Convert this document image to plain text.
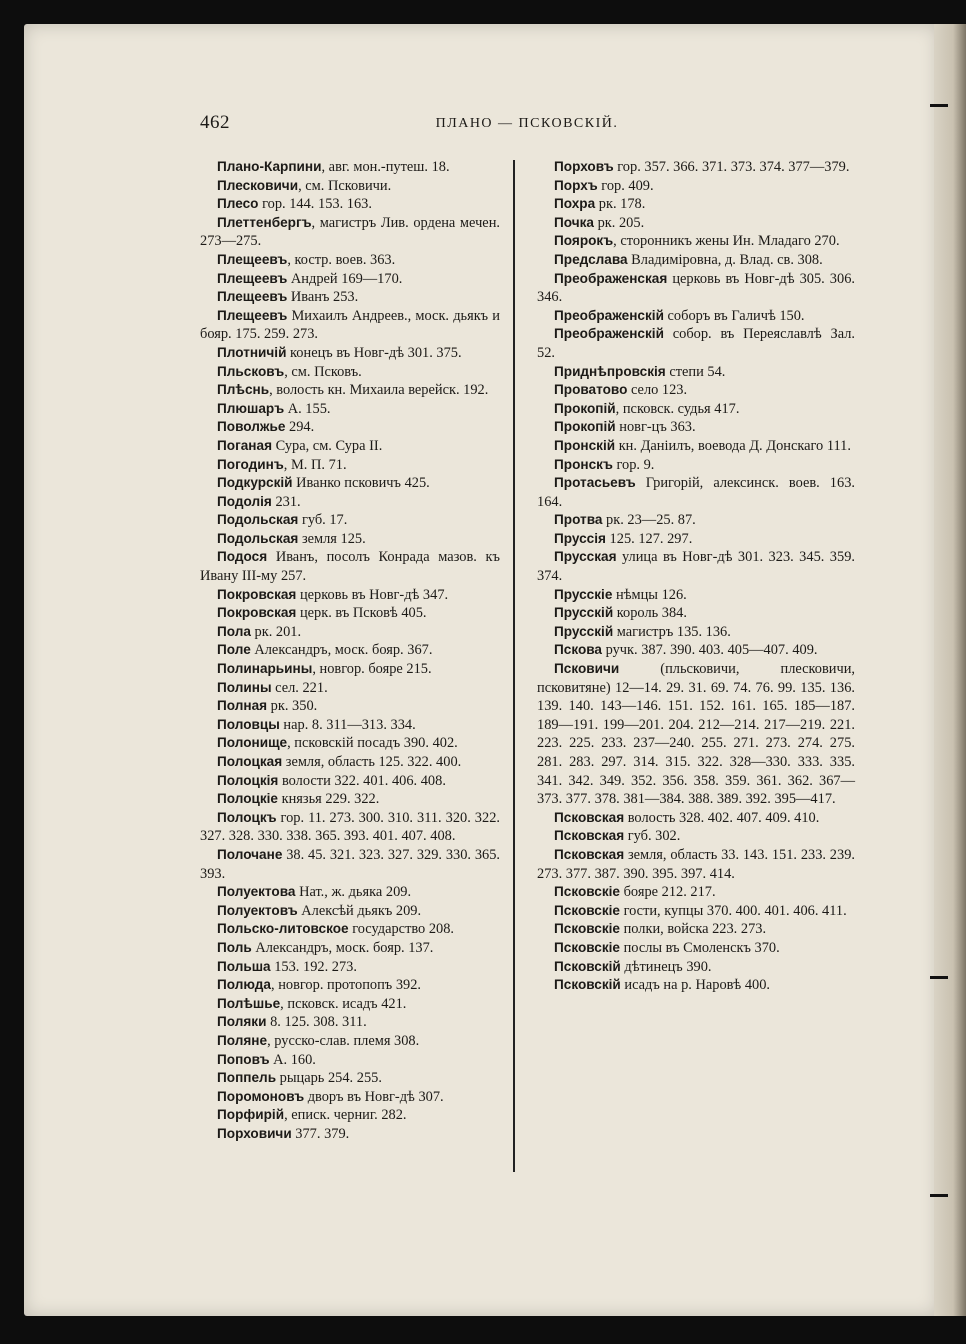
462	ПЛАНО — ПСКОВСКIЙ.
Плано-Карпини, авг. мон.-путеш. 18.
Плесковичи, см. Псковичи.
Плесо гор. 144. 153. 163.
Плеттенбергъ, магистръ Лив. ордена мечен. 273—275.
Плещеевъ, костр. воев. 363.
Плещеевъ Андрей 169—170.
Плещеевъ Иванъ 253.
Плещеевъ Михаилъ Андреев., моск. дьякъ и бояр. 175. 259. 273.
Плотничiй конецъ въ Новг-дѣ 301. 375.
Пльсковъ, см. Псковъ.
Плѣснь, волость кн. Михаила верейск. 192.
Плюшаръ А. 155.
Поволжье 294.
Поганая Сура, см. Сура II.
Погодинъ, М. П. 71.
Подкурскiй Иванко псковичъ 425.
Подолiя 231.
Подольская губ. 17.
Подольская земля 125.
Подося Иванъ, посолъ Конрада мазов. къ Ивану III-му 257.
Покровская церковь въ Новг-дѣ 347.
Покровская церк. въ Псковѣ 405.
Пола рк. 201.
Поле Александръ, моск. бояр. 367.
Полинарьины, новгор. бояре 215.
Полины сел. 221.
Полная рк. 350.
Половцы нар. 8. 311—313. 334.
Полонище, псковскiй посадъ 390. 402.
Полоцкая земля, область 125. 322. 400.
Полоцкiя волости 322. 401. 406. 408.
Полоцкiе князья 229. 322.
Полоцкъ гор. 11. 273. 300. 310. 311. 320. 322. 327. 328. 330. 338. 365. 393. 401. 407. 408.
Полочане 38. 45. 321. 323. 327. 329. 330. 365. 393.
Полуектова Нат., ж. дьяка 209.
Полуектовъ Алексѣй дьякъ 209.
Польско-литовское государство 208.
Поль Александръ, моск. бояр. 137.
Польша 153. 192. 273.
Полюда, новгор. протопопъ 392.
Полѣшье, псковск. исадъ 421.
Поляки 8. 125. 308. 311.
Поляне, русско-слав. племя 308.
Поповъ А. 160.
Поппель рыцарь 254. 255.
Поромоновъ дворъ въ Новг-дѣ 307.
Порфирiй, еписк. черниг. 282.
Порховичи 377. 379.
Порховъ гор. 357. 366. 371. 373. 374. 377—379.
Порхъ гор. 409.
Похра рк. 178.
Почка рк. 205.
Поярокъ, сторонникъ жены Ин. Младаго 270.
Предслава Владимiровна, д. Влад. св. 308.
Преображенская церковь въ Новг-дѣ 305. 306. 346.
Преображенскiй соборъ въ Галичѣ 150.
Преображенскiй собор. въ Переяславлѣ Зал. 52.
Приднѣпровскiя степи 54.
Проватово село 123.
Прокопiй, псковск. судья 417.
Прокопiй новг-цъ 363.
Пронскiй кн. Данiилъ, воевода Д. Донскаго 111.
Пронскъ гор. 9.
Протасьевъ Григорiй, алексинск. воев. 163. 164.
Протва рк. 23—25. 87.
Пруссiя 125. 127. 297.
Прусская улица въ Новг-дѣ 301. 323. 345. 359. 374.
Прусскiе нѣмцы 126.
Прусскiй король 384.
Прусскiй магистръ 135. 136.
Пскова ручк. 387. 390. 403. 405—407. 409.
Псковичи (пльсковичи, плесковичи, псковитяне) 12—14. 29. 31. 69. 74. 76. 99. 135. 136. 139. 140. 143—146. 151. 152. 161. 165. 185—187. 189—191. 199—201. 204. 212—214. 217—219. 221. 223. 225. 233. 237—240. 255. 271. 273. 274. 275. 281. 283. 297. 314. 315. 322. 328—330. 333. 335. 341. 342. 349. 352. 356. 358. 359. 361. 362. 367—373. 377. 378. 381—384. 388. 389. 392. 395—417.
Псковская волость 328. 402. 407. 409. 410.
Псковская губ. 302.
Псковская земля, область 33. 143. 151. 233. 239. 273. 377. 387. 390. 395. 397. 414.
Псковскiе бояре 212. 217.
Псковскiе гости, купцы 370. 400. 401. 406. 411.
Псковскiе полки, войска 223. 273.
Псковскiе послы въ Смоленскъ 370.
Псковскiй дѣтинецъ 390.
Псковскiй исадъ на р. Наровѣ 400.
